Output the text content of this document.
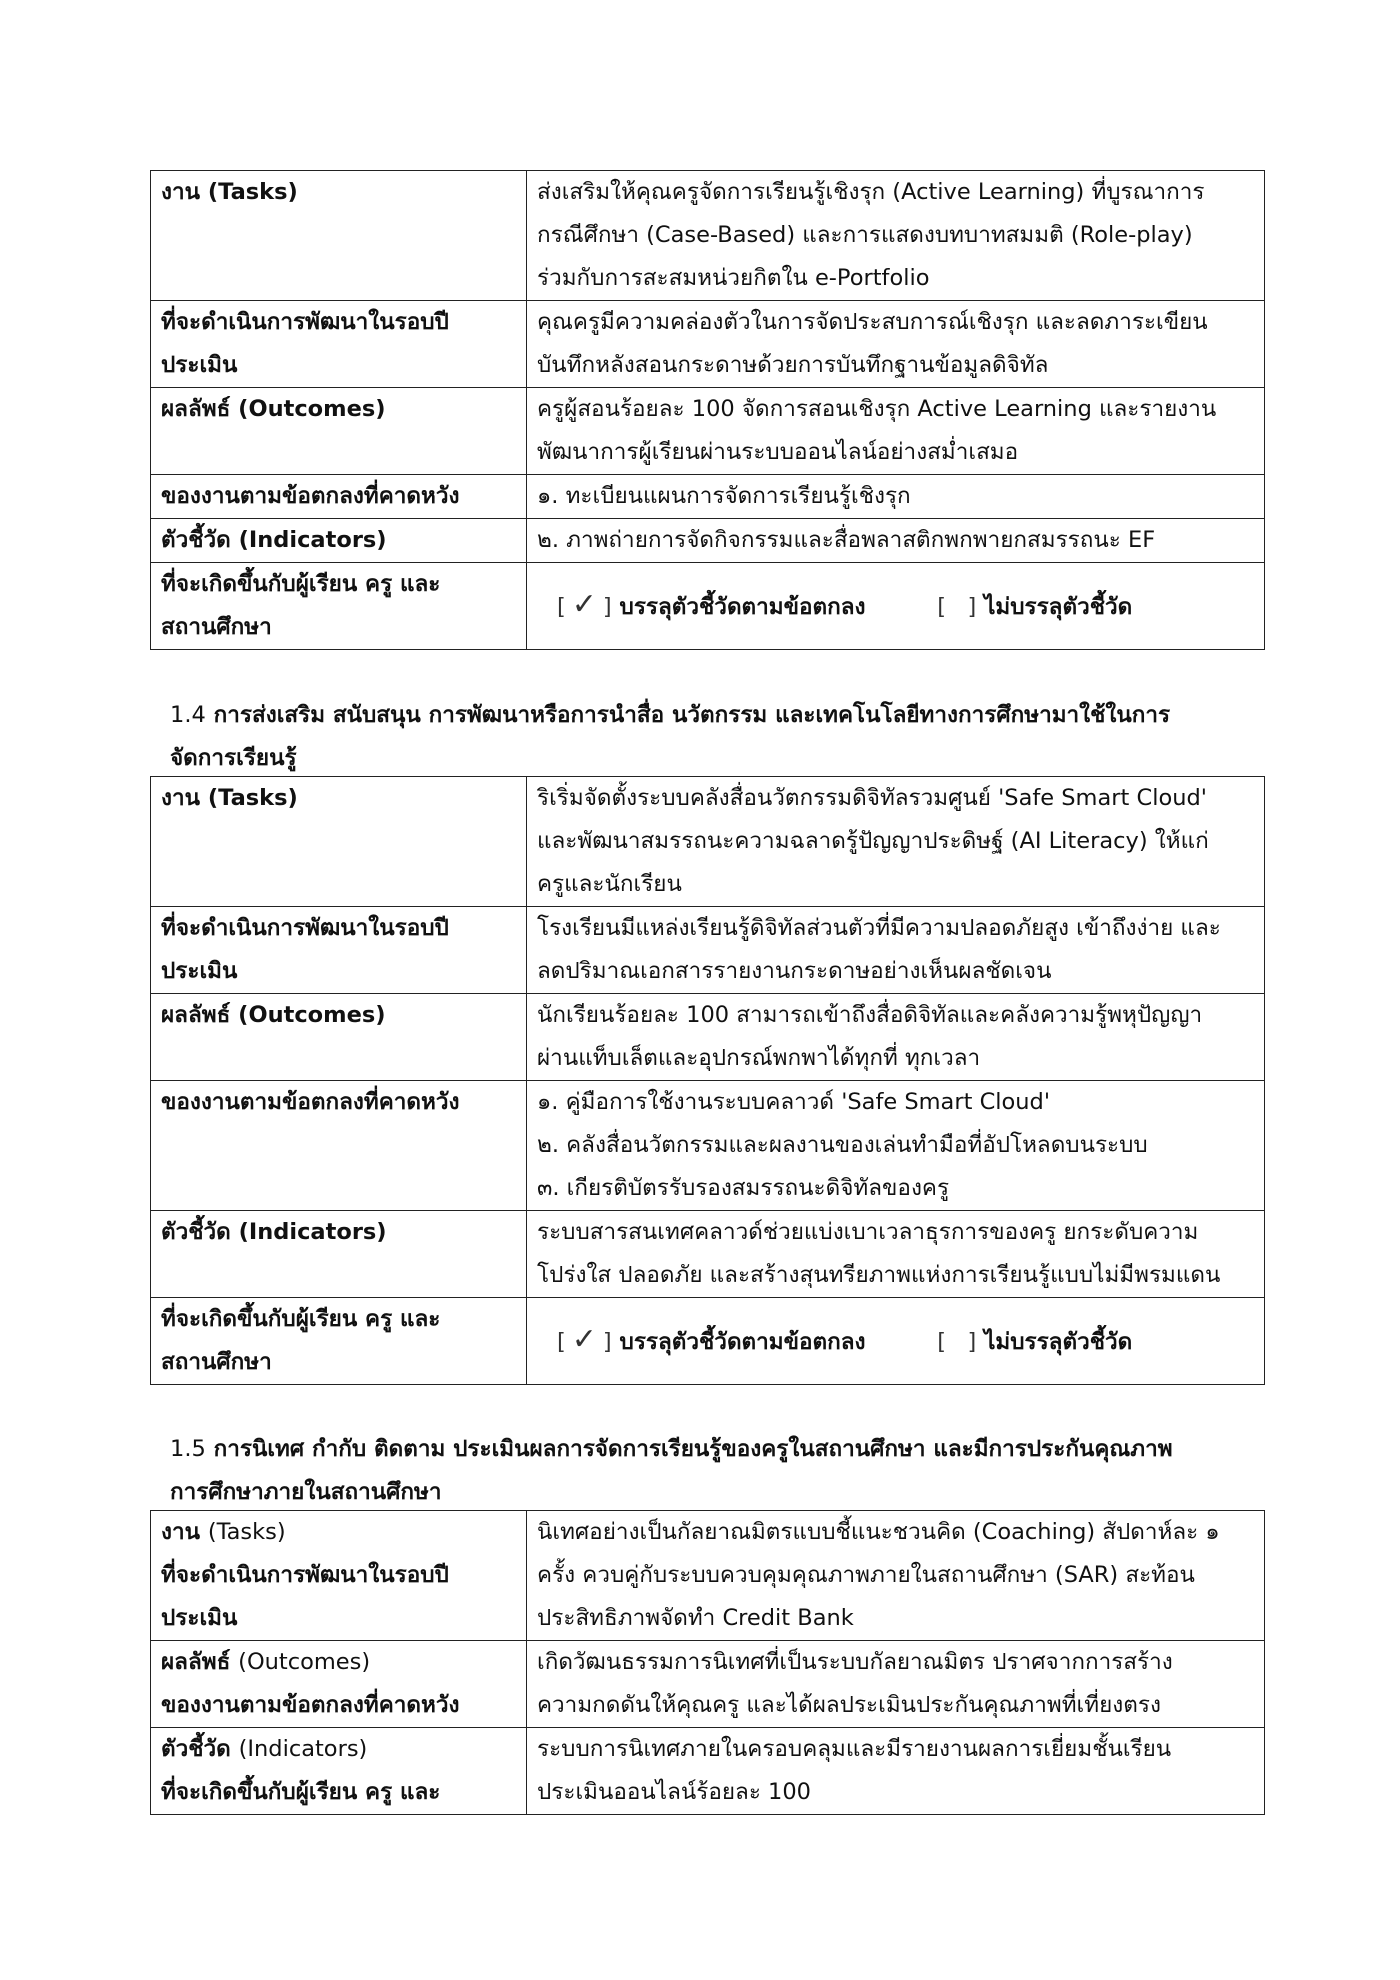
งาน (Tasks)	ส่งเสริมให้คุณครูจัดการเรียนรู้เชิงรุก (Active Learning) ที่บูรณาการ
กรณีศึกษา (Case-Based) และการแสดงบทบาทสมมติ (Role-play)
ร่วมกับการสะสมหน่วยกิตใน e-Portfolio

ที่จะดำเนินการพัฒนาในรอบปี
ประเมิน	คุณครูมีความคล่องตัวในการจัดประสบการณ์เชิงรุก และลดภาระเขียน
บันทึกหลังสอนกระดาษด้วยการบันทึกฐานข้อมูลดิจิทัล

ผลลัพธ์ (Outcomes)	ครูผู้สอนร้อยละ 100 จัดการสอนเชิงรุก Active Learning และรายงาน
พัฒนาการผู้เรียนผ่านระบบออนไลน์อย่างสม่ำเสมอ

ของงานตามข้อตกลงที่คาดหวัง	๑. ทะเบียนแผนการจัดการเรียนรู้เชิงรุก

ตัวชี้วัด (Indicators)	๒. ภาพถ่ายการจัดกิจกรรมและสื่อพลาสติกพกพายกสมรรถนะ EF

ที่จะเกิดขึ้นกับผู้เรียน ครู และ
สถานศึกษา	[ ✓ ] บรรลุตัวชี้วัดตามข้อตกลง [   ] ไม่บรรลุตัวชี้วัด
1.4 การส่งเสริม สนับสนุน การพัฒนาหรือการนำสื่อ นวัตกรรม และเทคโนโลยีทางการศึกษามาใช้ในการ
จัดการเรียนรู้
งาน (Tasks)	ริเริ่มจัดตั้งระบบคลังสื่อนวัตกรรมดิจิทัลรวมศูนย์ 'Safe Smart Cloud'
และพัฒนาสมรรถนะความฉลาดรู้ปัญญาประดิษฐ์ (AI Literacy) ให้แก่
ครูและนักเรียน

ที่จะดำเนินการพัฒนาในรอบปี
ประเมิน	โรงเรียนมีแหล่งเรียนรู้ดิจิทัลส่วนตัวที่มีความปลอดภัยสูง เข้าถึงง่าย และ
ลดปริมาณเอกสารรายงานกระดาษอย่างเห็นผลชัดเจน

ผลลัพธ์ (Outcomes)	นักเรียนร้อยละ 100 สามารถเข้าถึงสื่อดิจิทัลและคลังความรู้พหุปัญญา
ผ่านแท็บเล็ตและอุปกรณ์พกพาได้ทุกที่ ทุกเวลา

ของงานตามข้อตกลงที่คาดหวัง	๑. คู่มือการใช้งานระบบคลาวด์ 'Safe Smart Cloud'
๒. คลังสื่อนวัตกรรมและผลงานของเล่นทำมือที่อัปโหลดบนระบบ
๓. เกียรติบัตรรับรองสมรรถนะดิจิทัลของครู

ตัวชี้วัด (Indicators)	ระบบสารสนเทศคลาวด์ช่วยแบ่งเบาเวลาธุรการของครู ยกระดับความ
โปร่งใส ปลอดภัย และสร้างสุนทรียภาพแห่งการเรียนรู้แบบไม่มีพรมแดน

ที่จะเกิดขึ้นกับผู้เรียน ครู และ
สถานศึกษา	[ ✓ ] บรรลุตัวชี้วัดตามข้อตกลง [   ] ไม่บรรลุตัวชี้วัด
1.5 การนิเทศ กำกับ ติดตาม ประเมินผลการจัดการเรียนรู้ของครูในสถานศึกษา และมีการประกันคุณภาพ
การศึกษาภายในสถานศึกษา
งาน (Tasks)
ที่จะดำเนินการพัฒนาในรอบปี
ประเมิน	นิเทศอย่างเป็นกัลยาณมิตรแบบชี้แนะชวนคิด (Coaching) สัปดาห์ละ ๑
ครั้ง ควบคู่กับระบบควบคุมคุณภาพภายในสถานศึกษา (SAR) สะท้อน
ประสิทธิภาพจัดทำ Credit Bank

ผลลัพธ์ (Outcomes)
ของงานตามข้อตกลงที่คาดหวัง	เกิดวัฒนธรรมการนิเทศที่เป็นระบบกัลยาณมิตร ปราศจากการสร้าง
ความกดดันให้คุณครู และได้ผลประเมินประกันคุณภาพที่เที่ยงตรง

ตัวชี้วัด (Indicators)
ที่จะเกิดขึ้นกับผู้เรียน ครู และ	ระบบการนิเทศภายในครอบคลุมและมีรายงานผลการเยี่ยมชั้นเรียน
ประเมินออนไลน์ร้อยละ 100
